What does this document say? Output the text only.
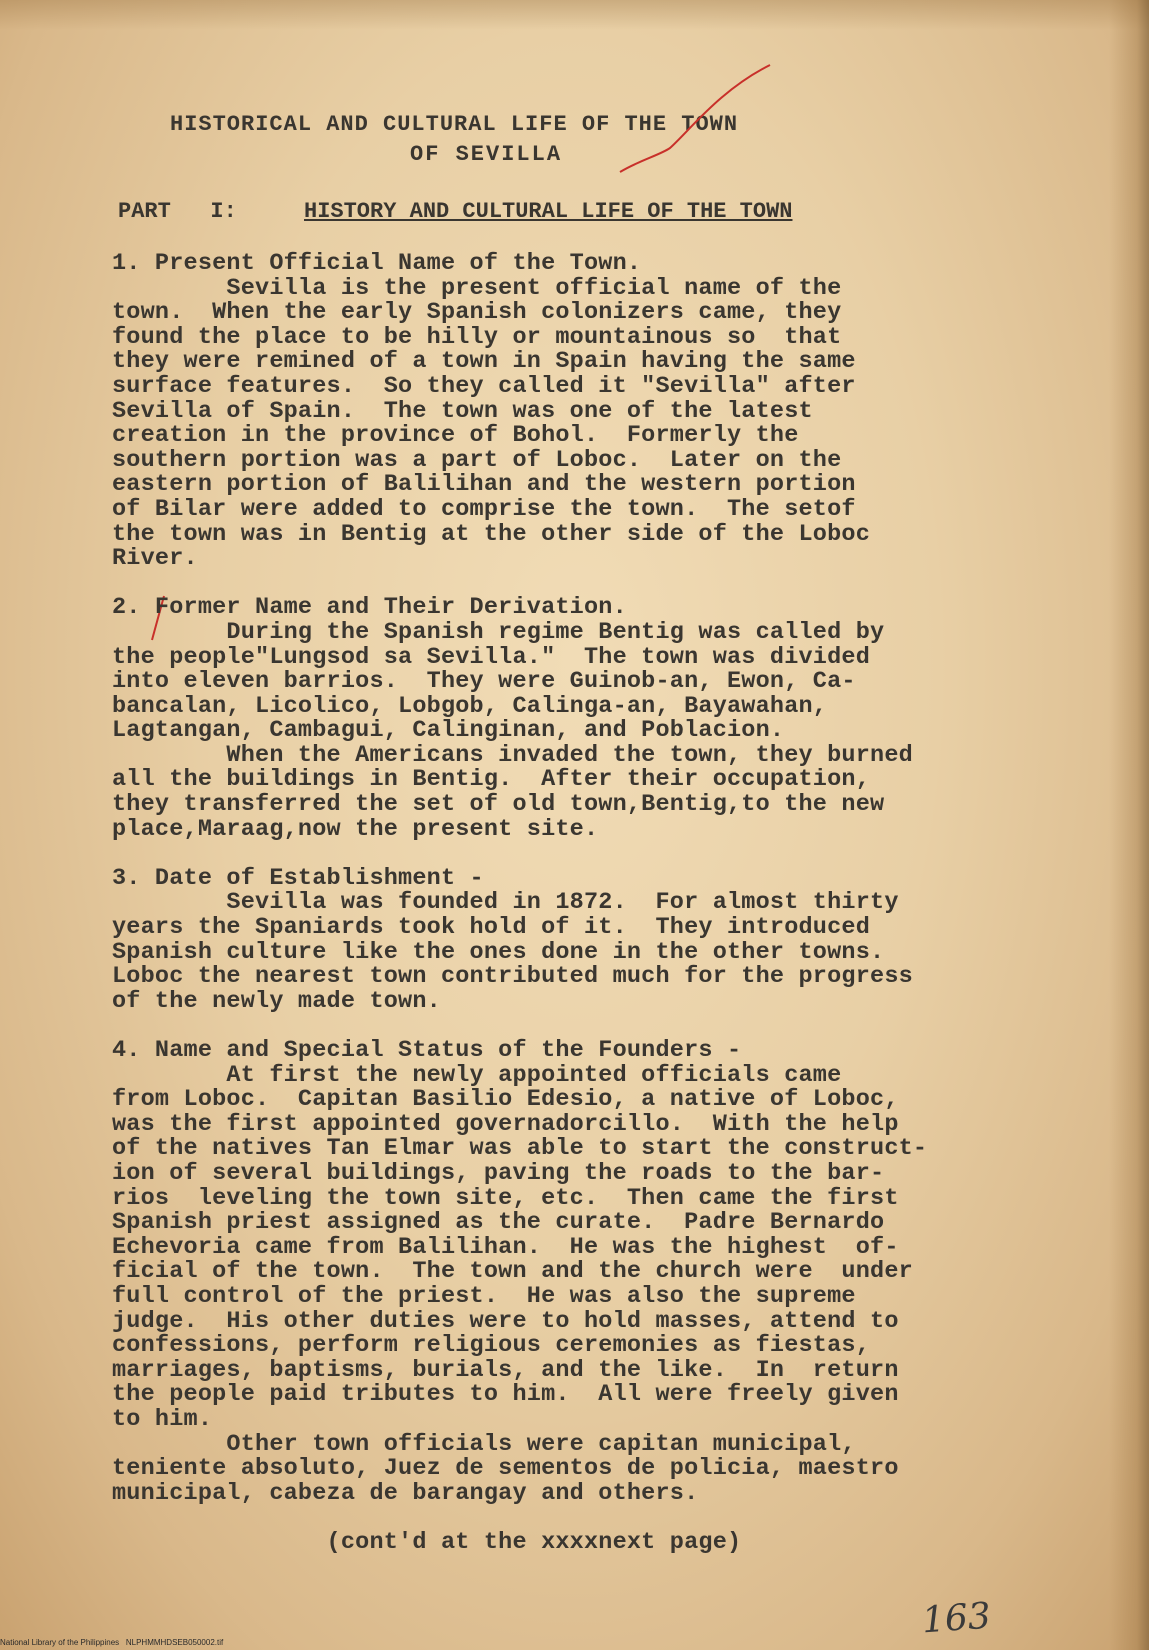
HISTORICAL AND CULTURAL LIFE OF THE TOWN
OF SEVILLA
PART   I:	HISTORY AND CULTURAL LIFE OF THE TOWN
1. Present Official Name of the Town.
Sevilla is the present official name of the
town.  When the early Spanish colonizers came, they
found the place to be hilly or mountainous so  that
they were remined of a town in Spain having the same
surface features.  So they called it "Sevilla" after
Sevilla of Spain.  The town was one of the latest
creation in the province of Bohol.  Formerly the
southern portion was a part of Loboc.  Later on the
eastern portion of Balilihan and the western portion
of Bilar were added to comprise the town.  The setof
the town was in Bentig at the other side of the Loboc
River.
2. Former Name and Their Derivation.
During the Spanish regime Bentig was called by
the people"Lungsod sa Sevilla."  The town was divided
into eleven barrios.  They were Guinob-an, Ewon, Ca-
bancalan, Licolico, Lobgob, Calinga-an, Bayawahan,
Lagtangan, Cambagui, Calinginan, and Poblacion.
When the Americans invaded the town, they burned
all the buildings in Bentig.  After their occupation,
they transferred the set of old town,Bentig,to the new
place,Maraag,now the present site.
3. Date of Establishment -
Sevilla was founded in 1872.  For almost thirty
years the Spaniards took hold of it.  They introduced
Spanish culture like the ones done in the other towns.
Loboc the nearest town contributed much for the progress
of the newly made town.
4. Name and Special Status of the Founders -
At first the newly appointed officials came
from Loboc.  Capitan Basilio Edesio, a native of Loboc,
was the first appointed governadorcillo.  With the help
of the natives Tan Elmar was able to start the construct-
ion of several buildings, paving the roads to the bar-
rios  leveling the town site, etc.  Then came the first
Spanish priest assigned as the curate.  Padre Bernardo
Echevoria came from Balilihan.  He was the highest  of-
ficial of the town.  The town and the church were  under
full control of the priest.  He was also the supreme
judge.  His other duties were to hold masses, attend to
confessions, perform religious ceremonies as fiestas,
marriages, baptisms, burials, and the like.  In  return
the people paid tributes to him.  All were freely given
to him.
Other town officials were capitan municipal,
teniente absoluto, Juez de sementos de policia, maestro
municipal, cabeza de barangay and others.
(cont'd at the xxxxnext page)
163
National Library of the Philippines   NLPHMMHDSEB050002.tif
